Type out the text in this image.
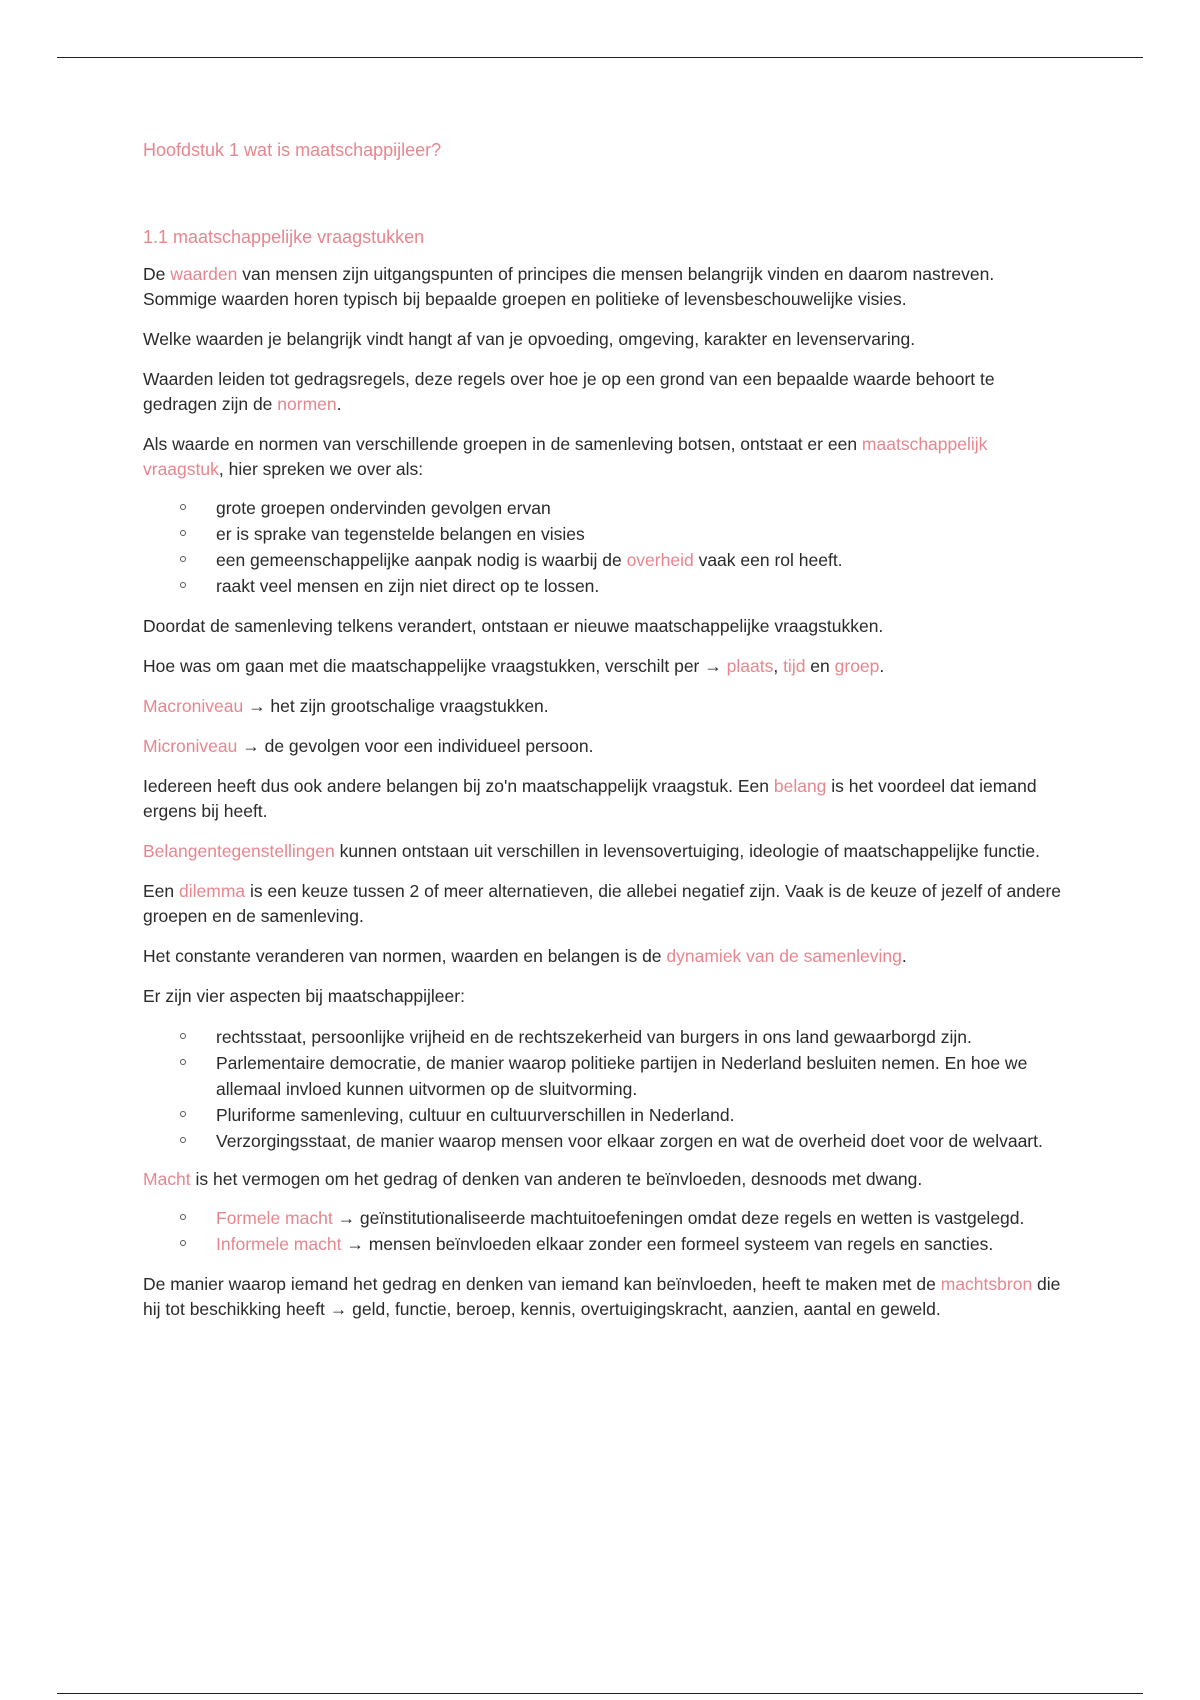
Hoofdstuk 1 wat is maatschappijleer?
1.1 maatschappelijke vraagstukken

De waarden van mensen zijn uitgangspunten of principes die mensen belangrijk vinden en daarom nastreven. Sommige waarden horen typisch bij bepaalde groepen en politieke of levensbeschouwelijke visies.

Welke waarden je belangrijk vindt hangt af van je opvoeding, omgeving, karakter en levenservaring.

Waarden leiden tot gedragsregels, deze regels over hoe je op een grond van een bepaalde waarde behoort te gedragen zijn de normen.

Als waarde en normen van verschillende groepen in de samenleving botsen, ontstaat er een maatschappelijk vraagstuk, hier spreken we over als:

grote groepen ondervinden gevolgen ervan
er is sprake van tegenstelde belangen en visies
een gemeenschappelijke aanpak nodig is waarbij de overheid vaak een rol heeft.
raakt veel mensen en zijn niet direct op te lossen.

Doordat de samenleving telkens verandert, ontstaan er nieuwe maatschappelijke vraagstukken.

Hoe was om gaan met die maatschappelijke vraagstukken, verschilt per → plaats, tijd en groep.

Macroniveau → het zijn grootschalige vraagstukken.

Microniveau → de gevolgen voor een individueel persoon.

Iedereen heeft dus ook andere belangen bij zo'n maatschappelijk vraagstuk. Een belang is het voordeel dat iemand ergens bij heeft.

Belangentegenstellingen kunnen ontstaan uit verschillen in levensovertuiging, ideologie of maatschappelijke functie.

Een dilemma is een keuze tussen 2 of meer alternatieven, die allebei negatief zijn. Vaak is de keuze of jezelf of andere groepen en de samenleving.

Het constante veranderen van normen, waarden en belangen is de dynamiek van de samenleving.

Er zijn vier aspecten bij maatschappijleer:

rechtsstaat, persoonlijke vrijheid en de rechtszekerheid van burgers in ons land gewaarborgd zijn.
Parlementaire democratie, de manier waarop politieke partijen in Nederland besluiten nemen. En hoe we allemaal invloed kunnen uitvormen op de sluitvorming.
Pluriforme samenleving, cultuur en cultuurverschillen in Nederland.
Verzorgingsstaat, de manier waarop mensen voor elkaar zorgen en wat de overheid doet voor de welvaart.

Macht is het vermogen om het gedrag of denken van anderen te beïnvloeden, desnoods met dwang.

Formele macht → geïnstitutionaliseerde machtuitoefeningen omdat deze regels en wetten is vastgelegd.
Informele macht → mensen beïnvloeden elkaar zonder een formeel systeem van regels en sancties.

De manier waarop iemand het gedrag en denken van iemand kan beïnvloeden, heeft te maken met de machtsbron die hij tot beschikking heeft → geld, functie, beroep, kennis, overtuigingskracht, aanzien, aantal en geweld.
